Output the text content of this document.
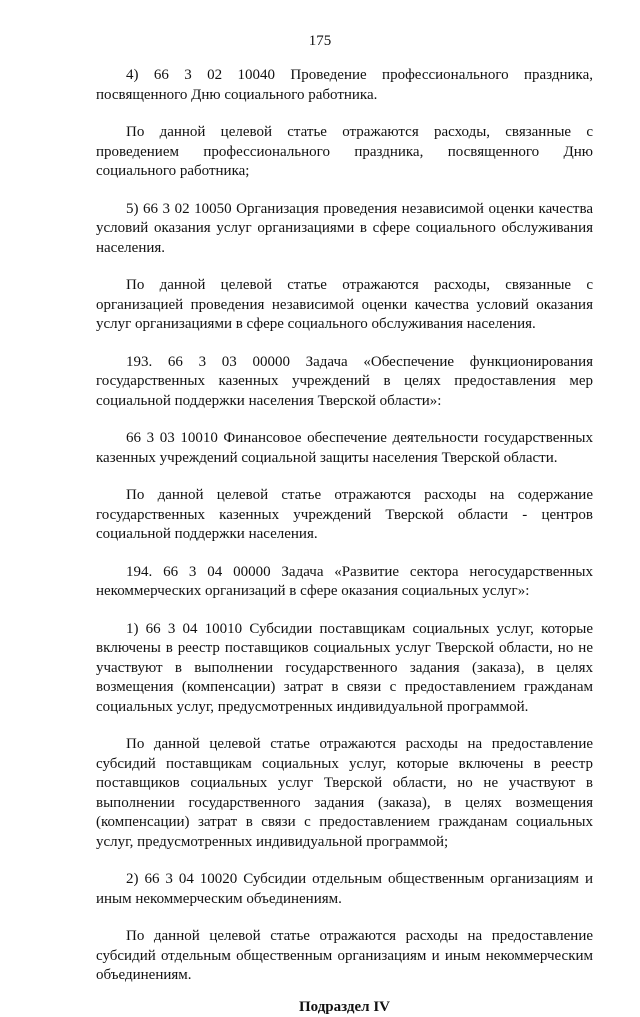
175

4) 66 3 02 10040 Проведение профессионального праздника, посвященного Дню социального работника.

По данной целевой статье отражаются расходы, связанные с проведением профессионального праздника, посвященного Дню социального работника;

5) 66 3 02 10050 Организация проведения независимой оценки качества условий оказания услуг организациями в сфере социального обслуживания населения.

По данной целевой статье отражаются расходы, связанные с организацией проведения независимой оценки качества условий оказания услуг организациями в сфере социального обслуживания населения.

193. 66 3 03 00000 Задача «Обеспечение функционирования государственных казенных учреждений в целях предоставления мер социальной поддержки населения Тверской области»:

66 3 03 10010 Финансовое обеспечение деятельности государственных казенных учреждений социальной защиты населения Тверской области.

По данной целевой статье отражаются расходы на содержание государственных казенных учреждений Тверской области - центров социальной поддержки населения.

194. 66 3 04 00000 Задача «Развитие сектора негосударственных некоммерческих организаций в сфере оказания социальных услуг»:

1) 66 3 04 10010 Субсидии поставщикам социальных услуг, которые включены в реестр поставщиков социальных услуг Тверской области, но не участвуют в выполнении государственного задания (заказа), в целях возмещения (компенсации) затрат в связи с предоставлением гражданам социальных услуг, предусмотренных индивидуальной программой.

По данной целевой статье отражаются расходы на предоставление субсидий поставщикам социальных услуг, которые включены в реестр поставщиков социальных услуг Тверской области, но не участвуют в выполнении государственного задания (заказа), в целях возмещения (компенсации) затрат в связи с предоставлением гражданам социальных услуг, предусмотренных индивидуальной программой;

2) 66 3 04 10020 Субсидии отдельным общественным организациям и иным некоммерческим объединениям.

По данной целевой статье отражаются расходы на предоставление субсидий отдельным общественным организациям и иным некоммерческим объединениям.

Подраздел IV
